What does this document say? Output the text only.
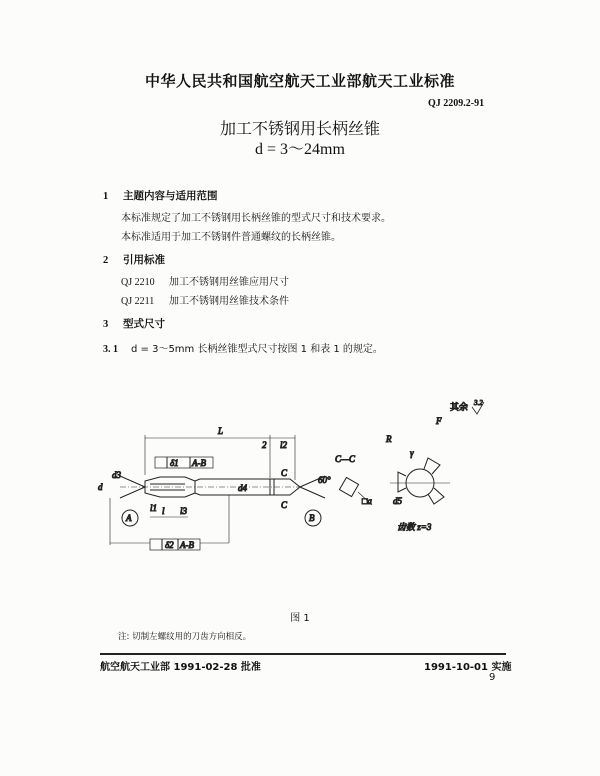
中华人民共和国航空航天工业部航天工业标准
QJ 2209.2-91
加工不锈钢用长柄丝锥
d = 3～24mm
1 主题内容与适用范围
本标准规定了加工不锈钢用长柄丝锥的型式尺寸和技术要求。
本标准适用于加工不锈钢件普通螺纹的长柄丝锥。
2 引用标准
QJ 2210 加工不锈钢用丝锥应用尺寸
QJ 2211 加工不锈钢用丝锥技术条件
3 型式尺寸
3. 1 d = 3～5mm 长柄丝锥型式尺寸按图 1 和表 1 的规定。
L
2 l2
C
C
A	B
δ1 A-B
δ2 A-B
d
d3
d4
l1 l l3
60°
C—C
□a
R
γ
F
d5
齿数 z=3
其余 3.2
图 1
注: 切制左螺纹用的刀齿方向相反。
航空航天工业部 1991-02-28 批准	1991-10-01 实施
9
